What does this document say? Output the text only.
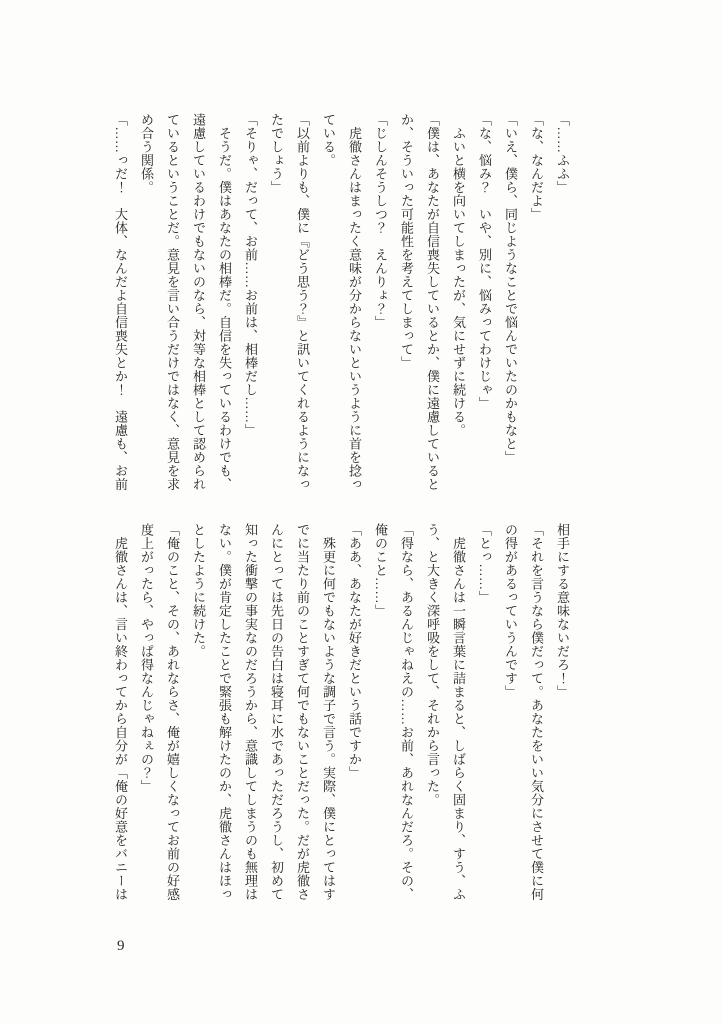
「……ふふ」

「な、なんだよ」

「いえ、僕ら、同じようなことで悩んでいたのかもなと」

「な、悩み？　いや、別に、悩みってわけじゃ」

　ふいと横を向いてしまったが、気にせずに続ける。

「僕は、あなたが自信喪失しているとか、僕に遠慮していると

か、そういった可能性を考えてしまって」

「じしんそうしつ？　えんりょ？」

　虎徹さんはまったく意味が分からないというように首を捻っ

ている。

「以前よりも、僕に『どう思う？』と訊いてくれるようになっ

たでしょう」

「そりゃ、だって、お前……お前は、相棒だし……」

　そうだ。僕はあなたの相棒だ。自信を失っているわけでも、

遠慮しているわけでもないのなら、対等な相棒として認められ

ているということだ。意見を言い合うだけではなく、意見を求

め合う関係。

「……っだ！　大体、なんだよ自信喪失とか！　遠慮も、お前

相手にする意味ないだろ！」

「それを言うなら僕だって。あなたをいい気分にさせて僕に何

の得があるっていうんです」

「とっ……」

　虎徹さんは一瞬言葉に詰まると、しばらく固まり、すう、ふ

う、と大きく深呼吸をして、それから言った。

「得なら、あるんじゃねえの……お前、あれなんだろ。その、

俺のこと……」

「ああ、あなたが好きだという話ですか」

　殊更に何でもないような調子で言う。実際、僕にとってはす

でに当たり前のことすぎて何でもないことだった。だが虎徹さ

んにとっては先日の告白は寝耳に水であっただろうし、初めて

知った衝撃の事実なのだろうから、意識してしまうのも無理は

ない。僕が肯定したことで緊張も解けたのか、虎徹さんはほっ

としたように続けた。

「俺のこと、その、あれならさ、俺が嬉しくなってお前の好感

度上がったら、やっぱ得なんじゃねぇの？」

　虎徹さんは、言い終わってから自分が「俺の好意をバニーは

9
